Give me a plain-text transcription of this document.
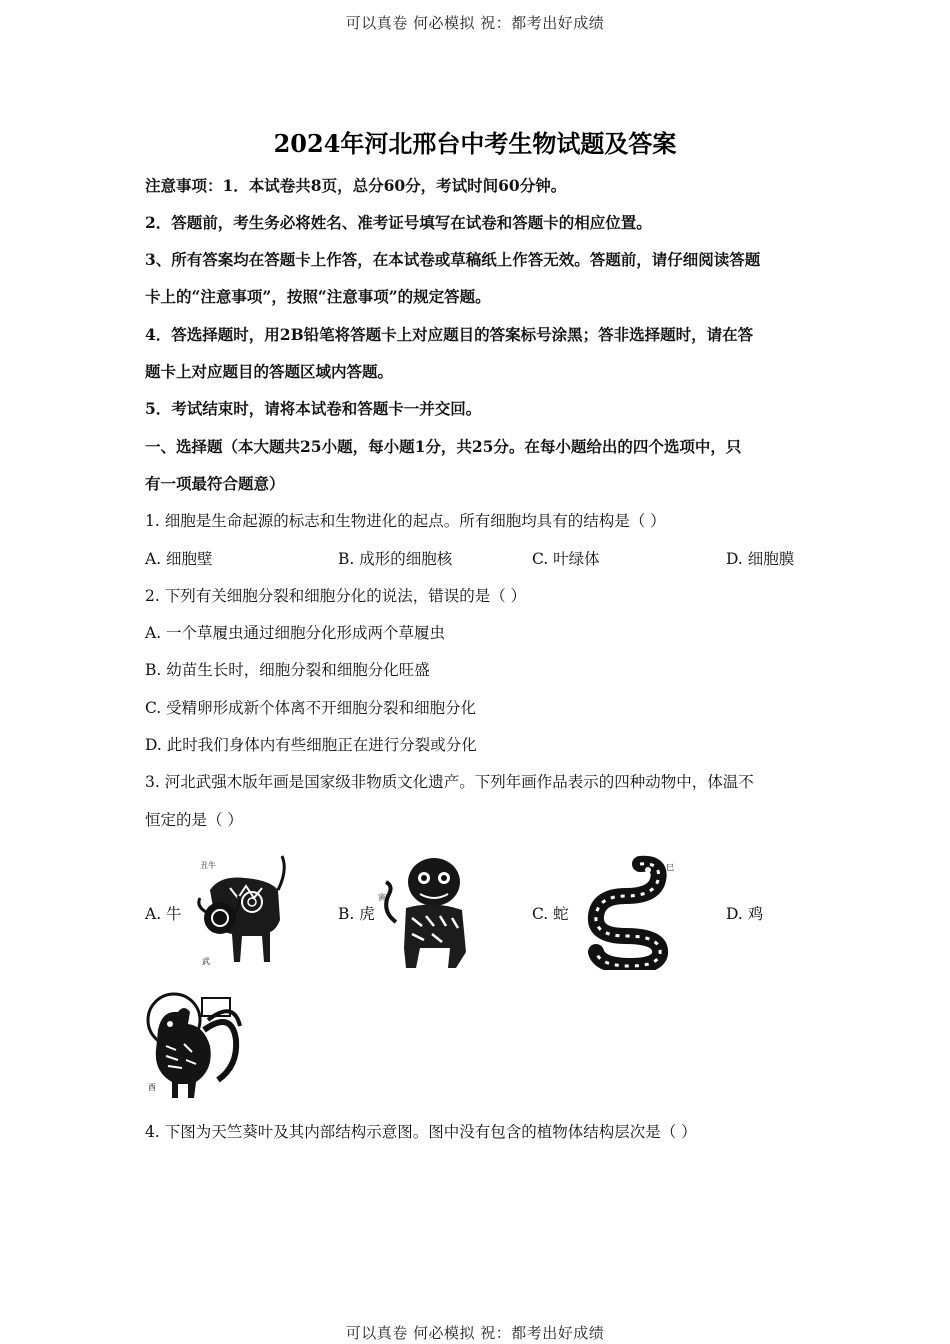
可以真卷 何必模拟 祝：都考出好成绩
2024年河北邢台中考生物试题及答案
注意事项：1．本试卷共8页，总分60分，考试时间60分钟。
2．答题前，考生务必将姓名、准考证号填写在试卷和答题卡的相应位置。
3、所有答案均在答题卡上作答，在本试卷或草稿纸上作答无效。答题前，请仔细阅读答题
卡上的“注意事项”，按照“注意事项”的规定答题。
4．答选择题时，用2B铅笔将答题卡上对应题目的答案标号涂黑；答非选择题时，请在答
题卡上对应题目的答题区域内答题。
5．考试结束时，请将本试卷和答题卡一并交回。
一、选择题（本大题共25小题，每小题1分，共25分。在每小题给出的四个选项中，只
有一项最符合题意）
1. 细胞是生命起源的标志和生物进化的起点。所有细胞均具有的结构是（ ）
A. 细胞壁	B. 成形的细胞核	C. 叶绿体	D. 细胞膜
2. 下列有关细胞分裂和细胞分化的说法，错误的是（ ）
A. 一个草履虫通过细胞分化形成两个草履虫
B. 幼苗生长时，细胞分裂和细胞分化旺盛
C. 受精卵形成新个体离不开细胞分裂和细胞分化
D. 此时我们身体内有些细胞正在进行分裂或分化
3. 河北武强木版年画是国家级非物质文化遗产。下列年画作品表示的四种动物中，体温不
恒定的是（ ）
A. 牛	B. 虎	C. 蛇	D. 鸡
丑牛
武
寅
巳
酉
4. 下图为天竺葵叶及其内部结构示意图。图中没有包含的植物体结构层次是（ ）
可以真卷 何必模拟 祝：都考出好成绩
